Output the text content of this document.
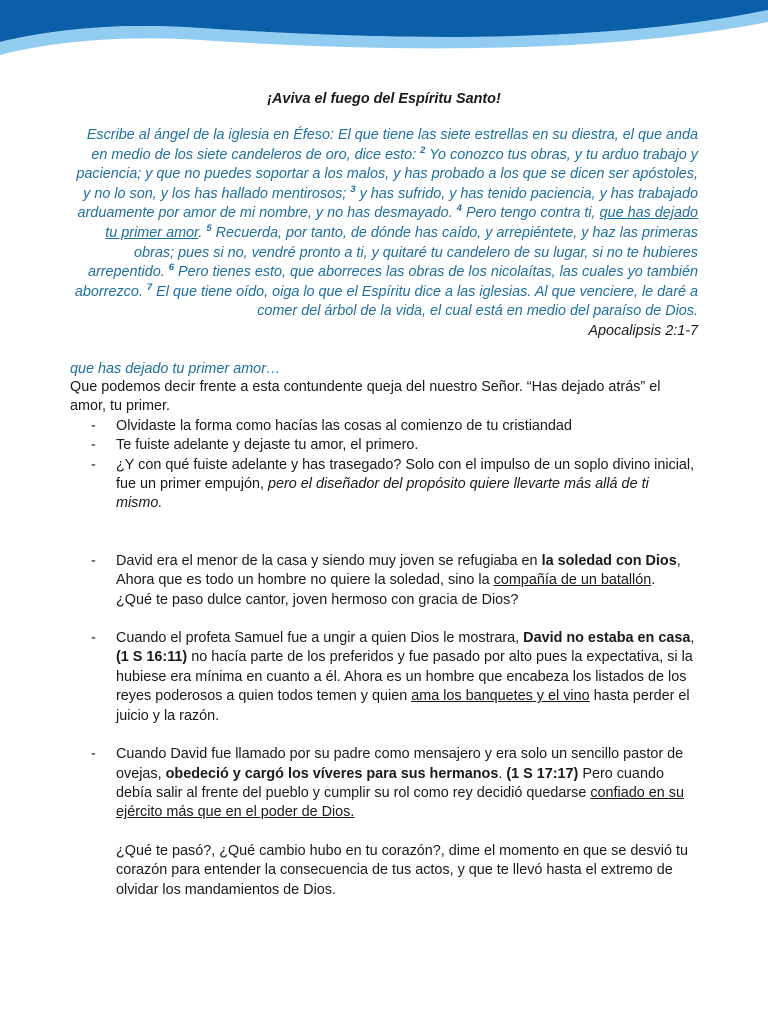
¡Aviva el fuego del Espíritu Santo!
Escribe al ángel de la iglesia en Éfeso: El que tiene las siete estrellas en su diestra, el que anda en medio de los siete candeleros de oro, dice esto: $^2$ Yo conozco tus obras, y tu arduo trabajo y paciencia; y que no puedes soportar a los malos, y has probado a los que se dicen ser apóstoles, y no lo son, y los has hallado mentirosos; $^3$ y has sufrido, y has tenido paciencia, y has trabajado arduamente por amor de mi nombre, y no has desmayado. $^4$ Pero tengo contra ti, que has dejado tu primer amor. $^5$ Recuerda, por tanto, de dónde has caído, y arrepiéntete, y haz las primeras obras; pues si no, vendré pronto a ti, y quitaré tu candelero de su lugar, si no te hubieres arrepentido. $^6$ Pero tienes esto, que aborreces las obras de los nicolaítas, las cuales yo también aborrezco. $^7$ El que tiene oído, oiga lo que el Espíritu dice a las iglesias. Al que venciere, le daré a comer del árbol de la vida, el cual está en medio del paraíso de Dios.
Apocalipsis 2:1-7
que has dejado tu primer amor…

Que podemos decir frente a esta contundente queja del nuestro Señor. “Has dejado atrás” el amor, tu primer.

- Olvidaste la forma como hacías las cosas al comienzo de tu cristiandad
- Te fuiste adelante y dejaste tu amor, el primero.
- ¿Y con qué fuiste adelante y has trasegado? Solo con el impulso de un soplo divino inicial, fue un primer empujón, pero el diseñador del propósito quiere llevarte más allá de ti mismo.
- David era el menor de la casa y siendo muy joven se refugiaba en la soledad con Dios, Ahora que es todo un hombre no quiere la soledad, sino la compañía de un batallón.
¿Qué te paso dulce cantor, joven hermoso con gracia de Dios?
- Cuando el profeta Samuel fue a ungir a quien Dios le mostrara, David no estaba en casa, (1 S 16:11) no hacía parte de los preferidos y fue pasado por alto pues la expectativa, si la hubiese era mínima en cuanto a él. Ahora es un hombre que encabeza los listados de los reyes poderosos a quien todos temen y quien ama los banquetes y el vino hasta perder el juicio y la razón.
- Cuando David fue llamado por su padre como mensajero y era solo un sencillo pastor de ovejas, obedeció y cargó los víveres para sus hermanos. (1 S 17:17) Pero cuando debía salir al frente del pueblo y cumplir su rol como rey decidió quedarse confiado en su ejército más que en el poder de Dios.

¿Qué te pasó?, ¿Qué cambio hubo en tu corazón?, dime el momento en que se desvió tu corazón para entender la consecuencia de tus actos, y que te llevó hasta el extremo de olvidar los mandamientos de Dios.
